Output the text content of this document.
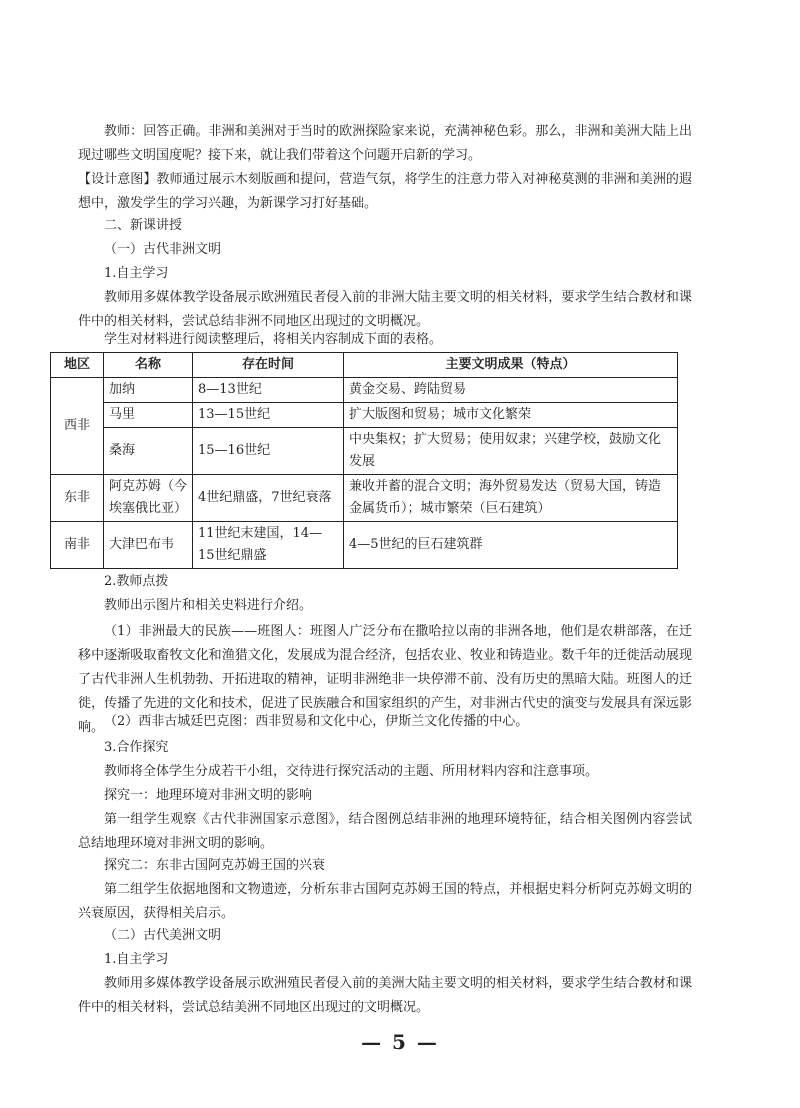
教师：回答正确。非洲和美洲对于当时的欧洲探险家来说，充满神秘色彩。那么，非洲和美洲大陆上出现过哪些文明国度呢？接下来，就让我们带着这个问题开启新的学习。

【设计意图】教师通过展示木刻版画和提问，营造气氛，将学生的注意力带入对神秘莫测的非洲和美洲的遐想中，激发学生的学习兴趣，为新课学习打好基础。

二、新课讲授

（一）古代非洲文明

1.自主学习

教师用多媒体教学设备展示欧洲殖民者侵入前的非洲大陆主要文明的相关材料，要求学生结合教材和课件中的相关材料，尝试总结非洲不同地区出现过的文明概况。

学生对材料进行阅读整理后，将相关内容制成下面的表格。

地区	名称	存在时间	主要文明成果（特点）
西非	加纳	8—13世纪	黄金交易、跨陆贸易
	马里	13—15世纪	扩大版图和贸易；城市文化繁荣
	桑海	15—16世纪	中央集权；扩大贸易；使用奴隶；兴建学校，鼓励文化发展
东非	阿克苏姆（今埃塞俄比亚）	4世纪鼎盛，7世纪衰落	兼收并蓄的混合文明；海外贸易发达（贸易大国，铸造金属货币）；城市繁荣（巨石建筑）
南非	大津巴布韦	11世纪末建国，14—15世纪鼎盛	4—5世纪的巨石建筑群

2.教师点拨

教师出示图片和相关史料进行介绍。

（1）非洲最大的民族——班图人：班图人广泛分布在撒哈拉以南的非洲各地，他们是农耕部落，在迁移中逐渐吸取畜牧文化和渔猎文化，发展成为混合经济，包括农业、牧业和铸造业。数千年的迁徙活动展现了古代非洲人生机勃勃、开拓进取的精神，证明非洲绝非一块停滞不前、没有历史的黑暗大陆。班图人的迁徙，传播了先进的文化和技术，促进了民族融合和国家组织的产生，对非洲古代史的演变与发展具有深远影响。 （2）西非古城廷巴克图：西非贸易和文化中心，伊斯兰文化传播的中心。

3.合作探究

教师将全体学生分成若干小组，交待进行探究活动的主题、所用材料内容和注意事项。

探究一：地理环境对非洲文明的影响

第一组学生观察《古代非洲国家示意图》，结合图例总结非洲的地理环境特征，结合相关图例内容尝试总结地理环境对非洲文明的影响。

探究二：东非古国阿克苏姆王国的兴衰

第二组学生依据地图和文物遗迹，分析东非古国阿克苏姆王国的特点，并根据史料分析阿克苏姆文明的兴衰原因，获得相关启示。

（二）古代美洲文明

1.自主学习

教师用多媒体教学设备展示欧洲殖民者侵入前的美洲大陆主要文明的相关材料，要求学生结合教材和课件中的相关材料，尝试总结美洲不同地区出现过的文明概况。

— 5 —
